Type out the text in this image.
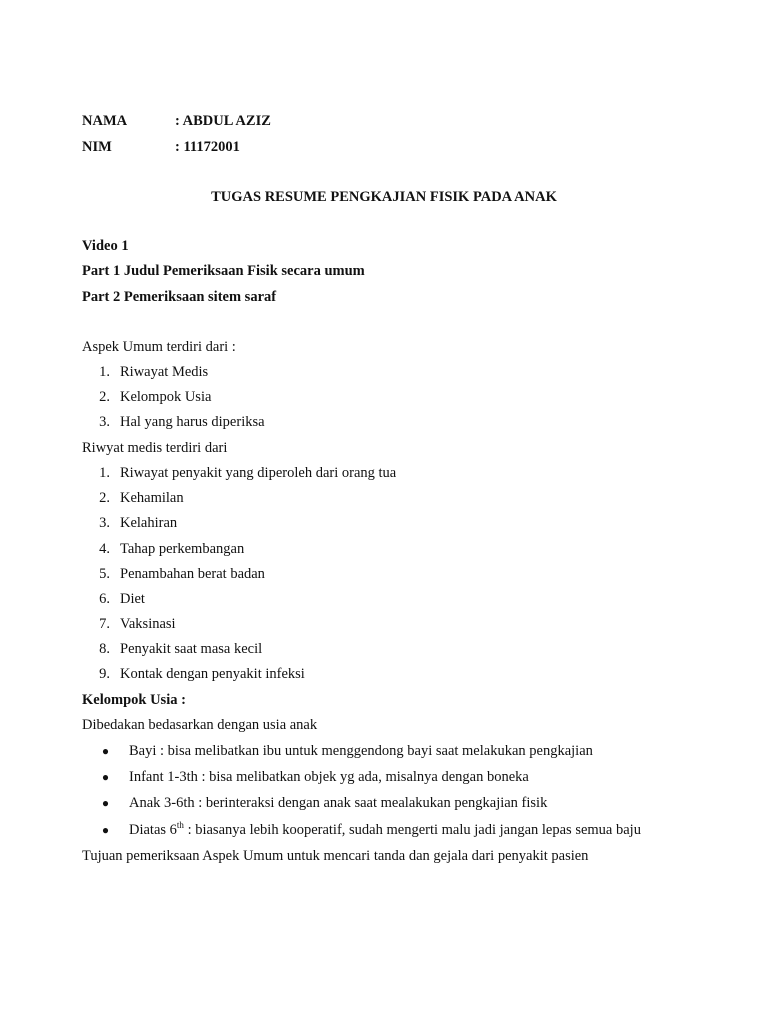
NAMA	: ABDUL AZIZ
NIM	: 11172001
TUGAS RESUME PENGKAJIAN FISIK PADA ANAK
Video 1
Part 1 Judul Pemeriksaan Fisik secara umum
Part 2 Pemeriksaan sitem saraf
Aspek Umum terdiri dari :
1. Riwayat Medis
2. Kelompok Usia
3. Hal yang harus diperiksa
Riwyat medis terdiri dari
1. Riwayat penyakit yang diperoleh dari orang tua
2. Kehamilan
3. Kelahiran
4. Tahap perkembangan
5. Penambahan berat badan
6. Diet
7. Vaksinasi
8. Penyakit saat masa kecil
9. Kontak dengan penyakit infeksi
Kelompok Usia :
Dibedakan bedasarkan dengan usia anak
● Bayi : bisa melibatkan ibu untuk menggendong bayi saat melakukan pengkajian
● Infant 1-3th : bisa melibatkan objek yg ada, misalnya dengan boneka
● Anak 3-6th : berinteraksi dengan anak saat mealakukan pengkajian fisik
● Diatas 6th : biasanya lebih kooperatif, sudah mengerti malu jadi jangan lepas semua baju
Tujuan pemeriksaan Aspek Umum untuk mencari tanda dan gejala dari penyakit pasien
